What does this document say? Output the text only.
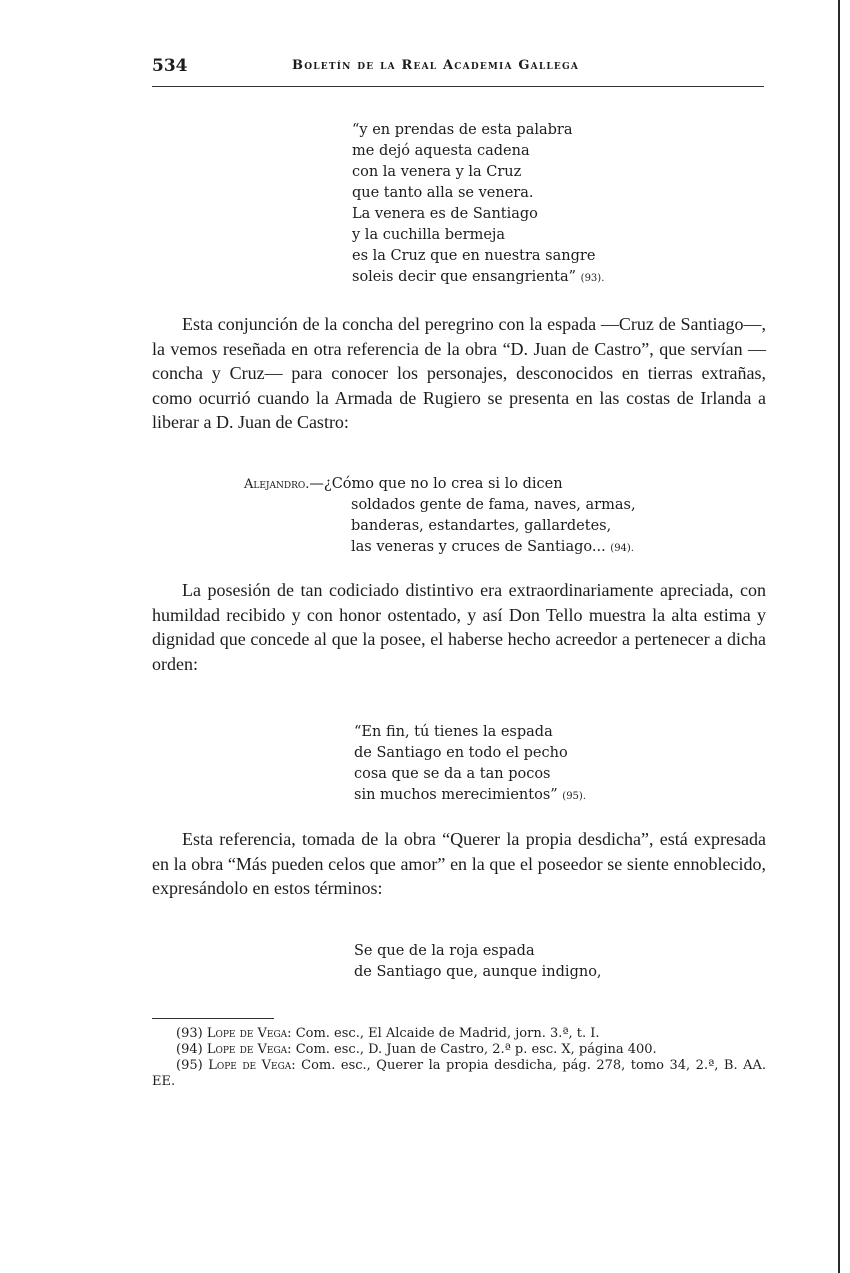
534	Boletín de la Real Academia Gallega

“y en prendas de esta palabra

me dejó aquesta cadena

con la venera y la Cruz

que tanto alla se venera.

La venera es de Santiago

y la cuchilla bermeja

es la Cruz que en nuestra sangre

soleis decir que ensangrienta” (93).

Esta conjunción de la concha del peregrino con la espada —Cruz de Santiago—, la vemos reseñada en otra referencia de la obra “D. Juan de Castro”, que servían —concha y Cruz— para conocer los personajes, desconocidos en tierras extrañas, como ocurrió cuando la Armada de Rugiero se presenta en las costas de Irlanda a liberar a D. Juan de Castro:

Alejandro.—¿Cómo que no lo crea si lo dicen

soldados gente de fama, naves, armas,

banderas, estandartes, gallardetes,

las veneras y cruces de Santiago... (94).

La posesión de tan codiciado distintivo era extraordinariamente apreciada, con humildad recibido y con honor ostentado, y así Don Tello muestra la alta estima y dignidad que concede al que la posee, el haberse hecho acreedor a pertenecer a dicha orden:

“En fin, tú tienes la espada

de Santiago en todo el pecho

cosa que se da a tan pocos

sin muchos merecimientos” (95).

Esta referencia, tomada de la obra “Querer la propia desdicha”, está expresada en la obra “Más pueden celos que amor” en la que el poseedor se siente ennoblecido, expresándolo en estos términos:

Se que de la roja espada

de Santiago que, aunque indigno,

(93) Lope de Vega: Com. esc., El Alcaide de Madrid, jorn. 3.ª, t. I.

(94) Lope de Vega: Com. esc., D. Juan de Castro, 2.ª p. esc. X, página 400.

(95) Lope de Vega: Com. esc., Querer la propia desdicha, pág. 278, tomo 34, 2.ª, B. AA. EE.
